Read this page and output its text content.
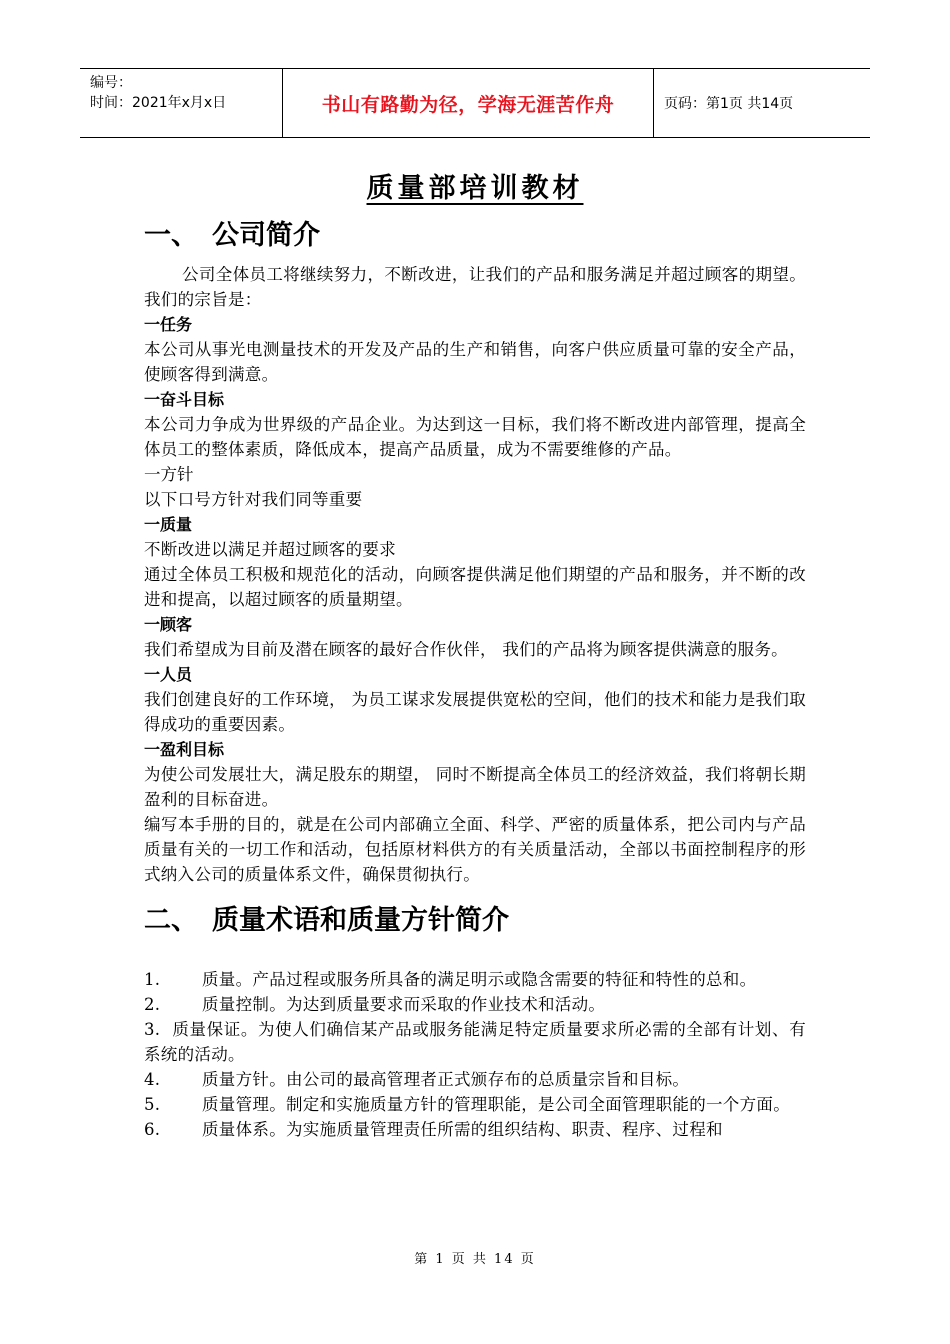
编号：
时间：2021年x月x日	书山有路勤为径，学海无涯苦作舟	页码：第1页 共14页
质量部培训教材
一、 公司简介

公司全体员工将继续努力，不断改进，让我们的产品和服务满足并超过顾客的期望。我们的宗旨是：

一任务

本公司从事光电测量技术的开发及产品的生产和销售，向客户供应质量可靠的安全产品，使顾客得到满意。

一奋斗目标

本公司力争成为世界级的产品企业。为达到这一目标，我们将不断改进内部管理，提高全体员工的整体素质，降低成本，提高产品质量，成为不需要维修的产品。

一方针

以下口号方针对我们同等重要

一质量

不断改进以满足并超过顾客的要求

通过全体员工积极和规范化的活动，向顾客提供满足他们期望的产品和服务，并不断的改进和提高，以超过顾客的质量期望。

一顾客

我们希望成为目前及潜在顾客的最好合作伙伴， 我们的产品将为顾客提供满意的服务。

一人员

我们创建良好的工作环境， 为员工谋求发展提供宽松的空间，他们的技术和能力是我们取得成功的重要因素。

一盈利目标

为使公司发展壮大，满足股东的期望， 同时不断提高全体员工的经济效益，我们将朝长期盈利的目标奋进。

编写本手册的目的，就是在公司内部确立全面、科学、严密的质量体系，把公司内与产品质量有关的一切工作和活动，包括原材料供方的有关质量活动，全部以书面控制程序的形式纳入公司的质量体系文件，确保贯彻执行。

二、 质量术语和质量方针简介

1.	质量。产品过程或服务所具备的满足明示或隐含需要的特征和特性的总和。

2.	质量控制。为达到质量要求而采取的作业技术和活动。

3. 质量保证。为使人们确信某产品或服务能满足特定质量要求所必需的全部有计划、有系统的活动。

4.	质量方针。由公司的最高管理者正式颁存布的总质量宗旨和目标。

5.	质量管理。制定和实施质量方针的管理职能，是公司全面管理职能的一个方面。

6.	质量体系。为实施质量管理责任所需的组织结构、职责、程序、过程和

第 1 页 共 14 页
